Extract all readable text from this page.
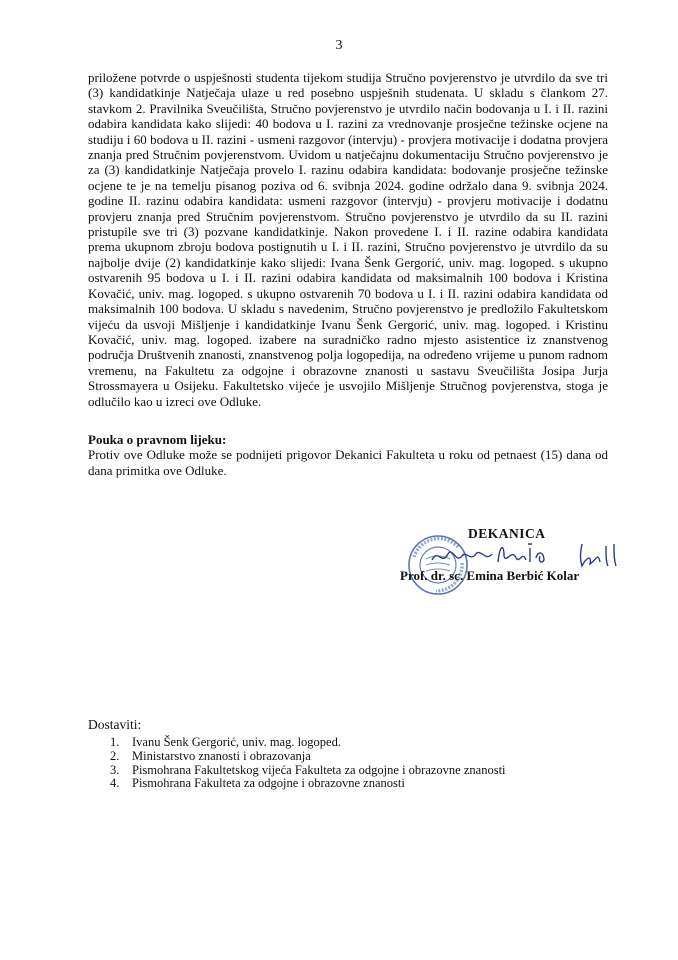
3

priložene potvrde o uspješnosti studenta tijekom studija Stručno povjerenstvo je utvrdilo da sve tri (3) kandidatkinje Natječaja ulaze u red posebno uspješnih studenata. U skladu s člankom 27. stavkom 2. Pravilnika Sveučilišta, Stručno povjerenstvo je utvrdilo način bodovanja u I. i II. razini odabira kandidata kako slijedi: 40 bodova u I. razini za vrednovanje prosječne težinske ocjene na studiju i 60 bodova u II. razini - usmeni razgovor (intervju) - provjera motivacije i dodatna provjera znanja pred Stručnim povjerenstvom. Uvidom u natječajnu dokumentaciju Stručno povjerenstvo je za (3) kandidatkinje Natječaja provelo I. razinu odabira kandidata: bodovanje prosječne težinske ocjene te je na temelju pisanog poziva od 6. svibnja 2024. godine održalo dana 9. svibnja 2024. godine II. razinu odabira kandidata: usmeni razgovor (intervju) - provjeru motivacije i dodatnu provjeru znanja pred Stručnim povjerenstvom. Stručno povjerenstvo je utvrdilo da su II. razini pristupile sve tri (3) pozvane kandidatkinje. Nakon provedene I. i II. razine odabira kandidata prema ukupnom zbroju bodova postignutih u I. i II. razini, Stručno povjerenstvo je utvrdilo da su najbolje dvije (2) kandidatkinje kako slijedi: Ivana Šenk Gergorić, univ. mag. logoped. s ukupno ostvarenih 95 bodova u I. i II. razini odabira kandidata od maksimalnih 100 bodova i Kristina Kovačić, univ. mag. logoped. s ukupno ostvarenih 70 bodova u I. i II. razini odabira kandidata od maksimalnih 100 bodova. U skladu s navedenim, Stručno povjerenstvo je predložilo Fakultetskom vijeću da usvoji Mišljenje i kandidatkinje Ivanu Šenk Gergorić, univ. mag. logoped. i Kristinu Kovačić, univ. mag. logoped. izabere na suradničko radno mjesto asistentice iz znanstvenog područja Društvenih znanosti, znanstvenog polja logopedija, na određeno vrijeme u punom radnom vremenu, na Fakultetu za odgojne i obrazovne znanosti u sastavu Sveučilišta Josipa Jurja Strossmayera u Osijeku. Fakultetsko vijeće je usvojilo Mišljenje Stručnog povjerenstva, stoga je odlučilo kao u izreci ove Odluke.

Pouka o pravnom lijeku:
Protiv ove Odluke može se podnijeti prigovor Dekanici Fakulteta u roku od petnaest (15) dana od dana primitka ove Odluke.
DEKANICA
Prof. dr. sc. Emina Berbić Kolar
Dostaviti:
1.	Ivanu Šenk Gergorić, univ. mag. logoped.
2.	Ministarstvo znanosti i obrazovanja
3.	Pismohrana Fakultetskog vijeća Fakulteta za odgojne i obrazovne znanosti
4.	Pismohrana Fakulteta za odgojne i obrazovne znanosti
